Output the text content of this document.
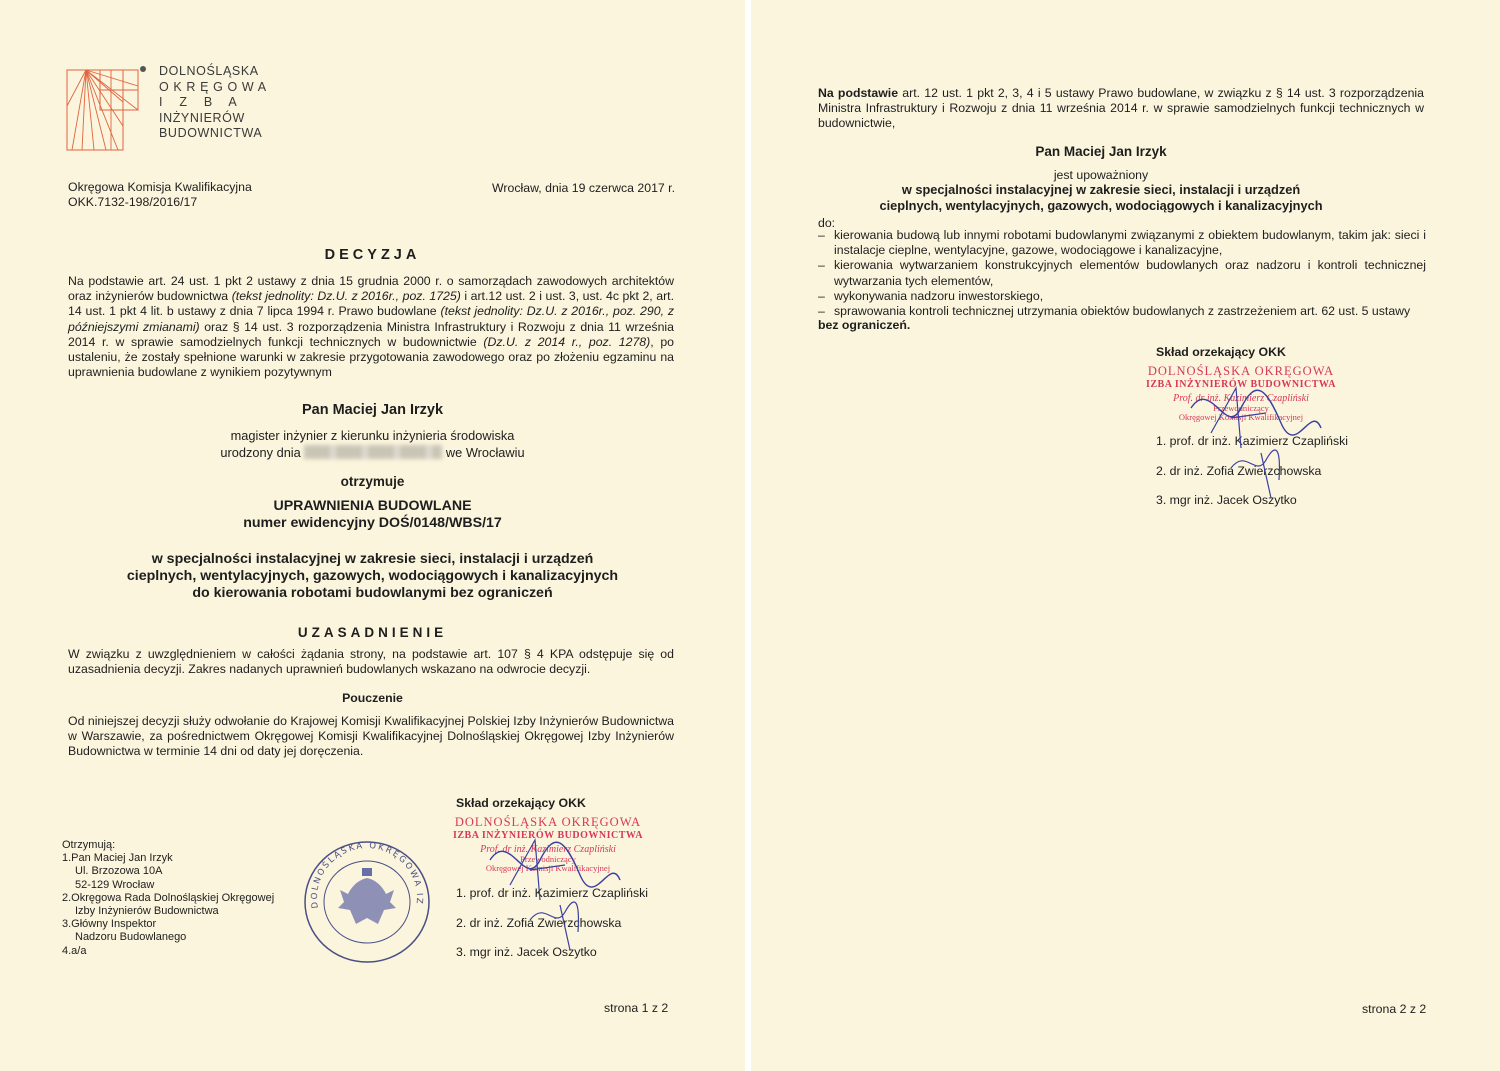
DOLNOŚLĄSKA
O K R Ę G O W A
I    Z    B    A
INŻYNIERÓW
BUDOWNICTWA
Okręgowa Komisja Kwalifikacyjna
OKK.7132-198/2016/17
Wrocław, dnia 19 czerwca 2017 r.
DECYZJA
Na podstawie art. 24 ust. 1 pkt 2 ustawy z dnia 15 grudnia 2000 r. o samorządach zawodowych architektów oraz inżynierów budownictwa (tekst jednolity: Dz.U. z 2016r., poz. 1725) i art.12 ust. 2 i ust. 3, ust. 4c pkt 2, art. 14 ust. 1 pkt 4 lit. b ustawy z dnia 7 lipca 1994 r. Prawo budowlane (tekst jednolity: Dz.U. z 2016r., poz. 290, z późniejszymi zmianami) oraz § 14 ust. 3 rozporządzenia Ministra Infrastruktury i Rozwoju z dnia 11 września 2014 r. w sprawie samodzielnych funkcji technicznych w budownictwie (Dz.U. z 2014 r., poz. 1278), po ustaleniu, że zostały spełnione warunki w zakresie przygotowania zawodowego oraz po złożeniu egzaminu na uprawnienia budowlane z wynikiem pozytywnym
Pan Maciej Jan Irzyk
magister inżynier z kierunku inżynieria środowiska
urodzony dnia	we Wrocławiu
otrzymuje
UPRAWNIENIA BUDOWLANE
numer ewidencyjny DOŚ/0148/WBS/17
w specjalności instalacyjnej w zakresie sieci, instalacji i urządzeń
cieplnych, wentylacyjnych, gazowych, wodociągowych i kanalizacyjnych
do kierowania robotami budowlanymi bez ograniczeń
UZASADNIENIE
W związku z uwzględnieniem w całości żądania strony, na podstawie art. 107 § 4 KPA odstępuje się od uzasadnienia decyzji. Zakres nadanych uprawnień budowlanych wskazano na odwrocie decyzji.
Pouczenie
Od niniejszej decyzji służy odwołanie do Krajowej Komisji Kwalifikacyjnej Polskiej Izby Inżynierów Budownictwa w Warszawie, za pośrednictwem Okręgowej Komisji Kwalifikacyjnej Dolnośląskiej Okręgowej Izby Inżynierów Budownictwa w terminie 14 dni od daty jej doręczenia.
Skład orzekający OKK
DOLNOŚLĄSKA OKRĘGOWA
IZBA INŻYNIERÓW BUDOWNICTWA
Prof. dr inż. Kazimierz Czapliński
Przewodniczący
Okręgowej Komisji Kwalifikacyjnej
1. prof. dr inż. Kazimierz Czapliński
2. dr inż. Zofia Zwierzchowska
3. mgr inż. Jacek Oszytko
DOLNOŚLĄSKA OKRĘGOWA IZ
Otrzymują:
1.Pan Maciej Jan Irzyk
Ul. Brzozowa 10A
52-129 Wrocław
2.Okręgowa Rada Dolnośląskiej Okręgowej
Izby Inżynierów Budownictwa
3.Główny Inspektor
Nadzoru Budowlanego
4.a/a
strona 1 z 2
Na podstawie art. 12 ust. 1 pkt 2, 3, 4 i 5 ustawy Prawo budowlane, w związku z § 14 ust. 3 rozporządzenia Ministra Infrastruktury i Rozwoju z dnia 11 września 2014 r. w sprawie samodzielnych funkcji technicznych w budownictwie,
Pan Maciej Jan Irzyk
jest upoważniony
w specjalności instalacyjnej w zakresie sieci, instalacji i urządzeń
cieplnych, wentylacyjnych, gazowych, wodociągowych i kanalizacyjnych
do:
– kierowania budową lub innymi robotami budowlanymi związanymi z obiektem budowlanym, takim jak: sieci i instalacje cieplne, wentylacyjne, gazowe, wodociągowe i kanalizacyjne,
– kierowania wytwarzaniem konstrukcyjnych elementów budowlanych oraz nadzoru i kontroli technicznej wytwarzania tych elementów,
– wykonywania nadzoru inwestorskiego,
– sprawowania kontroli technicznej utrzymania obiektów budowlanych z zastrzeżeniem art. 62 ust. 5 ustawy
bez ograniczeń.
Skład orzekający OKK
DOLNOŚLĄSKA OKRĘGOWA
IZBA INŻYNIERÓW BUDOWNICTWA
Prof. dr inż. Kazimierz Czapliński
Przewodniczący
Okręgowej Komisji Kwalifikacyjnej
1. prof. dr inż. Kazimierz Czapliński
2. dr inż. Zofia Zwierzchowska
3. mgr inż. Jacek Oszytko
strona 2 z 2
